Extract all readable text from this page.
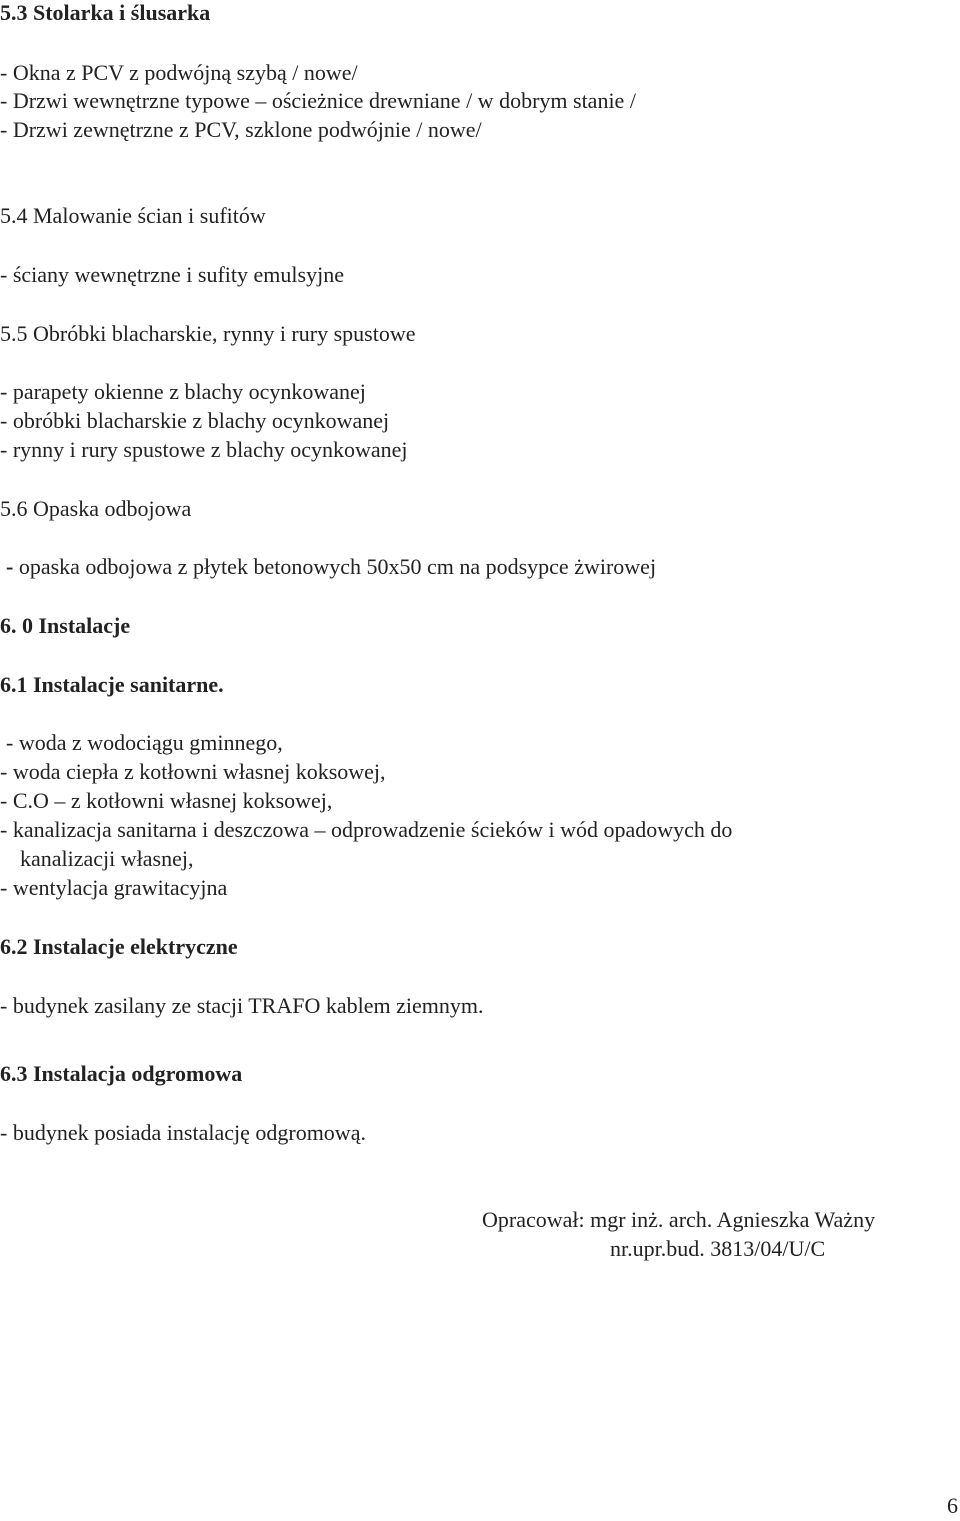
5.3 Stolarka i ślusarka
- Okna z PCV z podwójną szybą / nowe/
- Drzwi wewnętrzne typowe – ościeżnice drewniane / w dobrym stanie /
- Drzwi zewnętrzne z PCV, szklone podwójnie / nowe/
5.4 Malowanie ścian i sufitów
- ściany wewnętrzne i sufity emulsyjne
5.5 Obróbki blacharskie, rynny i rury spustowe
- parapety okienne z blachy ocynkowanej
- obróbki blacharskie z blachy ocynkowanej
- rynny i rury spustowe z blachy ocynkowanej
5.6 Opaska odbojowa
- opaska odbojowa z płytek betonowych 50x50 cm na podsypce żwirowej
6. 0 Instalacje
6.1 Instalacje sanitarne.
- woda z wodociągu gminnego,
- woda ciepła z kotłowni własnej koksowej,
- C.O – z kotłowni własnej koksowej,
- kanalizacja sanitarna i deszczowa – odprowadzenie ścieków i wód opadowych do
kanalizacji własnej,
- wentylacja grawitacyjna
6.2 Instalacje elektryczne
- budynek zasilany ze stacji TRAFO kablem ziemnym.
6.3 Instalacja odgromowa
- budynek posiada instalację odgromową.
Opracował: mgr inż. arch. Agnieszka Ważny
nr.upr.bud. 3813/04/U/C
6
